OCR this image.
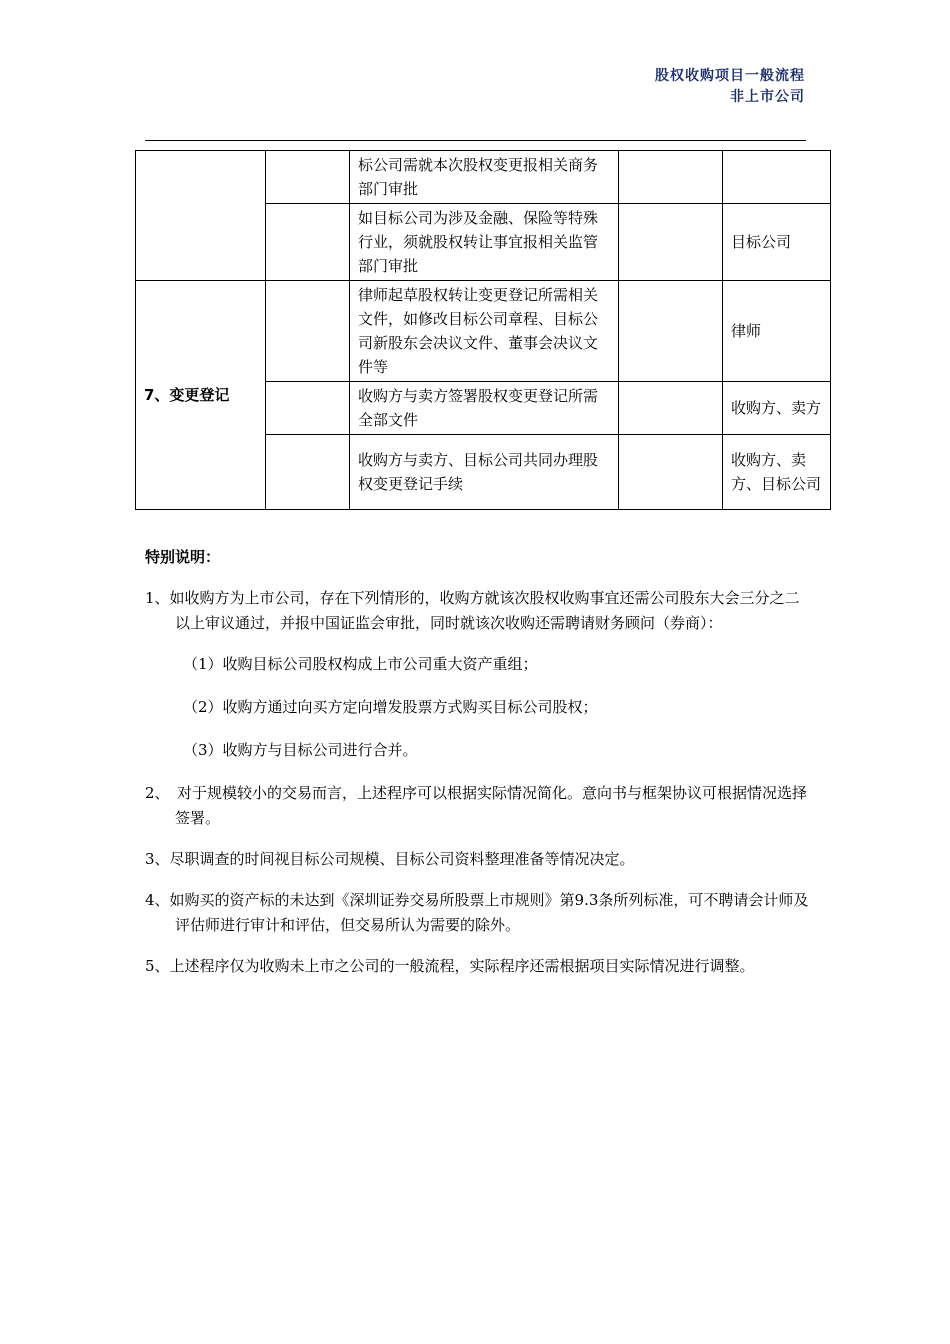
股权收购项目一般流程
非上市公司
		标公司需就本次股权变更报相关商务部门审批		
		如目标公司为涉及金融、保险等特殊行业，须就股权转让事宜报相关监管部门审批		目标公司
7、变更登记		律师起草股权转让变更登记所需相关文件，如修改目标公司章程、目标公司新股东会决议文件、董事会决议文件等		律师
		收购方与卖方签署股权变更登记所需全部文件		收购方、卖方
		收购方与卖方、目标公司共同办理股权变更登记手续		收购方、卖方、目标公司
特别说明：
1、如收购方为上市公司，存在下列情形的，收购方就该次股权收购事宜还需公司股东大会三分之二以上审议通过，并报中国证监会审批，同时就该次收购还需聘请财务顾问（券商）：
（1）收购目标公司股权构成上市公司重大资产重组；
（2）收购方通过向买方定向增发股票方式购买目标公司股权；
（3）收购方与目标公司进行合并。
2、　对于规模较小的交易而言，上述程序可以根据实际情况简化。意向书与框架协议可根据情况选择签署。
3、尽职调查的时间视目标公司规模、目标公司资料整理准备等情况决定。
4、如购买的资产标的未达到《深圳证券交易所股票上市规则》第9.3条所列标准，可不聘请会计师及评估师进行审计和评估，但交易所认为需要的除外。
5、上述程序仅为收购未上市之公司的一般流程，实际程序还需根据项目实际情况进行调整。
